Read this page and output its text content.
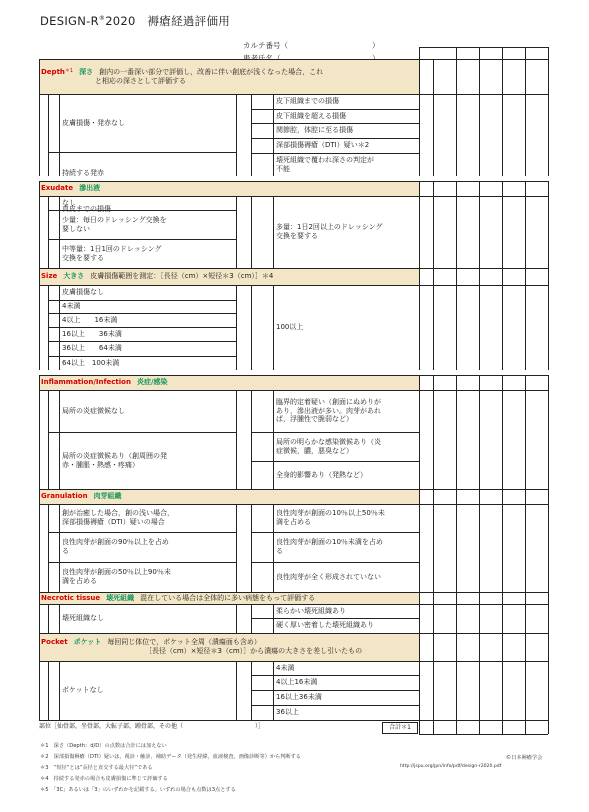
DESIGN-R®2020　 褥瘡経過評価用
カルテ番号（	）
Depth$^{*1}$ 深さ 創内の一番深い部分で評価し，改善に伴い創底が浅くなった場合，これ
と相応の深さとして評価する
皮膚損傷・発赤なし
持続する発赤
皮下組織までの損傷
皮下組織を超える損傷
関節腔，体腔に至る損傷
深部損傷褥瘡（DTI）疑い＊2
壊死組織で覆われ深さの判定が
不能
Exudate 滲出液
なし
少量：毎日のドレッシング交換を
要しない
中等量：1日1回のドレッシング
交換を要する
多量：1日2回以上のドレッシング
交換を要する
Size 大きさ 皮膚損傷範囲を測定：［長径（cm）×短径＊3（cm）］＊4
皮膚損傷なし
4未満
4以上　　16未満
16以上　　36未満
36以上　　64未満
64以上　100未満
100以上
Inflammation/Infection 炎症/感染
局所の炎症徴候なし
局所の炎症徴候あり（創周囲の発
赤・腫脹・熱感・疼痛）
臨界的定着疑い（創面にぬめりが
あり，滲出液が多い。肉芽があれ
ば，浮腫性で脆弱など）
局所の明らかな感染徴候あり（炎
症徴候，膿，悪臭など）
全身的影響あり（発熱など）
Granulation 肉芽組織
創が治癒した場合，創の浅い場合，
深部損傷褥瘡（DTI）疑いの場合
良性肉芽が創面の90％以上を占め
る
良性肉芽が創面の50％以上90％未
満を占める
良性肉芽が創面の10％以上50％未
満を占める
良性肉芽が創面の10％未満を占め
る
良性肉芽が全く形成されていない
Necrotic tissue 壊死組織 混在している場合は全体的に多い病態をもって評価する
壊死組織なし
柔らかい壊死組織あり
硬く厚い密着した壊死組織あり
Pocket ポケット 毎回同じ体位で，ポケット全周（潰瘍面も含め）
［長径（cm）×短径＊3（cm）］から潰瘍の大きさを差し引いたもの
ポケットなし
4未満
4以上16未満
16以上36未満
36以上
部位［仙骨部，坐骨部，大転子部，踵骨部，その他（　　　　　　　　　　　　）］	合計＊1
＊1　深さ（Depth：d/D）の点数は合計には加えない
＊2　深部損傷褥瘡（DTI）疑いは，視診・触診，補助データ（発生経緯，血液検査，画像診断等）から判断する
＊3　“短径”とは“長径と直交する最大径”である
＊4　持続する発赤の場合も皮膚損傷に準じて評価する
＊5　「3C」あるいは「3」のいずれかを記載する。いずれの場合も点数は3点とする
©日本褥瘡学会
http://jspu.org/jpn/info/pdf/design-r2020.pdf
